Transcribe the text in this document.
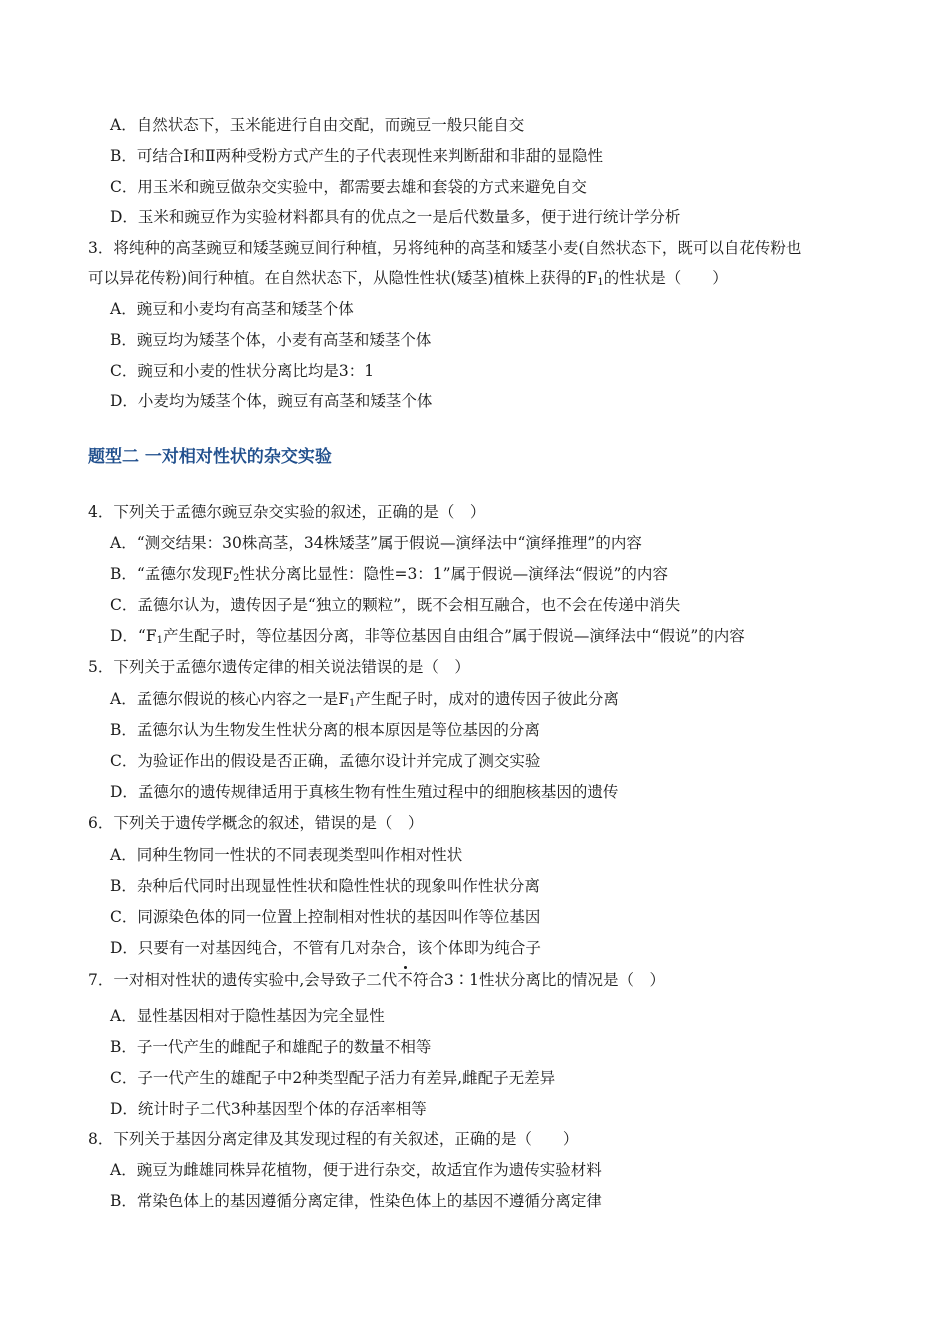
A．自然状态下，玉米能进行自由交配，而豌豆一般只能自交
B．可结合Ⅰ和Ⅱ两种受粉方式产生的子代表现性来判断甜和非甜的显隐性
C．用玉米和豌豆做杂交实验中，都需要去雄和套袋的方式来避免自交
D．玉米和豌豆作为实验材料都具有的优点之一是后代数量多，便于进行统计学分析
3．将纯种的高茎豌豆和矮茎豌豆间行种植，另将纯种的高茎和矮茎小麦(自然状态下，既可以自花传粉也
可以异花传粉)间行种植。在自然状态下，从隐性性状(矮茎)植株上获得的$F_1$的性状是（　　）
A．豌豆和小麦均有高茎和矮茎个体
B．豌豆均为矮茎个体，小麦有高茎和矮茎个体
C．豌豆和小麦的性状分离比均是3：1
D．小麦均为矮茎个体，豌豆有高茎和矮茎个体
题型二 一对相对性状的杂交实验
4．下列关于孟德尔豌豆杂交实验的叙述，正确的是（　）
A．“测交结果：30株高茎，34株矮茎”属于假说—演绎法中“演绎推理”的内容
B．“孟德尔发现$F_2$性状分离比显性：隐性=3：1”属于假说—演绎法“假说”的内容
C．孟德尔认为，遗传因子是“独立的颗粒”，既不会相互融合，也不会在传递中消失
D．“$F_1$产生配子时，等位基因分离，非等位基因自由组合”属于假说—演绎法中“假说”的内容
5．下列关于孟德尔遗传定律的相关说法错误的是（　）
A．孟德尔假说的核心内容之一是$F_1$产生配子时，成对的遗传因子彼此分离
B．孟德尔认为生物发生性状分离的根本原因是等位基因的分离
C．为验证作出的假设是否正确，孟德尔设计并完成了测交实验
D．孟德尔的遗传规律适用于真核生物有性生殖过程中的细胞核基因的遗传
6．下列关于遗传学概念的叙述，错误的是（　）
A．同种生物同一性状的不同表现类型叫作相对性状
B．杂种后代同时出现显性性状和隐性性状的现象叫作性状分离
C．同源染色体的同一位置上控制相对性状的基因叫作等位基因
D．只要有一对基因纯合，不管有几对杂合，该个体即为纯合子
7．一对相对性状的遗传实验中,会导致子二代不符合3∶1性状分离比的情况是（　）
A．显性基因相对于隐性基因为完全显性
B．子一代产生的雌配子和雄配子的数量不相等
C．子一代产生的雄配子中2种类型配子活力有差异,雌配子无差异
D．统计时子二代3种基因型个体的存活率相等
8．下列关于基因分离定律及其发现过程的有关叙述，正确的是（　　）
A．豌豆为雌雄同株异花植物，便于进行杂交，故适宜作为遗传实验材料
B．常染色体上的基因遵循分离定律，性染色体上的基因不遵循分离定律
